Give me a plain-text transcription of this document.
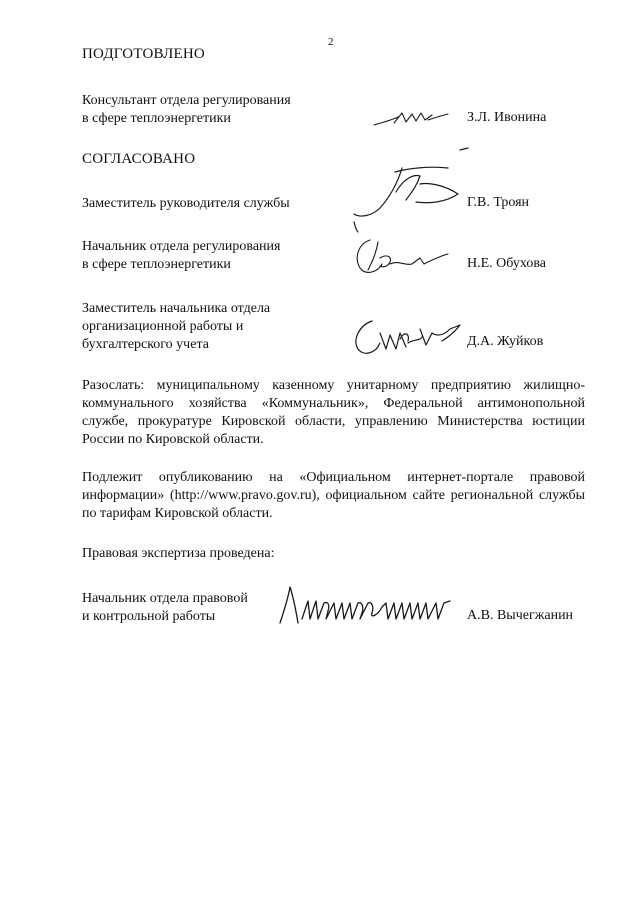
2
ПОДГОТОВЛЕНО
Консультант отдела регулирования
в сфере теплоэнергетики	З.Л. Ивонина
СОГЛАСОВАНО
Заместитель руководителя службы	Г.В. Троян
Начальник отдела регулирования
в сфере теплоэнергетики	Н.Е. Обухова
Заместитель начальника отдела
организационной работы и
бухгалтерского учета	Д.А. Жуйков
Разослать: муниципальному казенному унитарному предприятию жилищно-коммунального хозяйства «Коммунальник», Федеральной антимонопольной службе, прокуратуре Кировской области, управлению Министерства юстиции России по Кировской области.
Подлежит опубликованию на «Официальном интернет-портале правовой информации» (http://www.pravo.gov.ru), официальном сайте региональной службы по тарифам Кировской области.
Правовая экспертиза проведена:
Начальник отдела правовой
и контрольной работы	А.В. Вычегжанин
